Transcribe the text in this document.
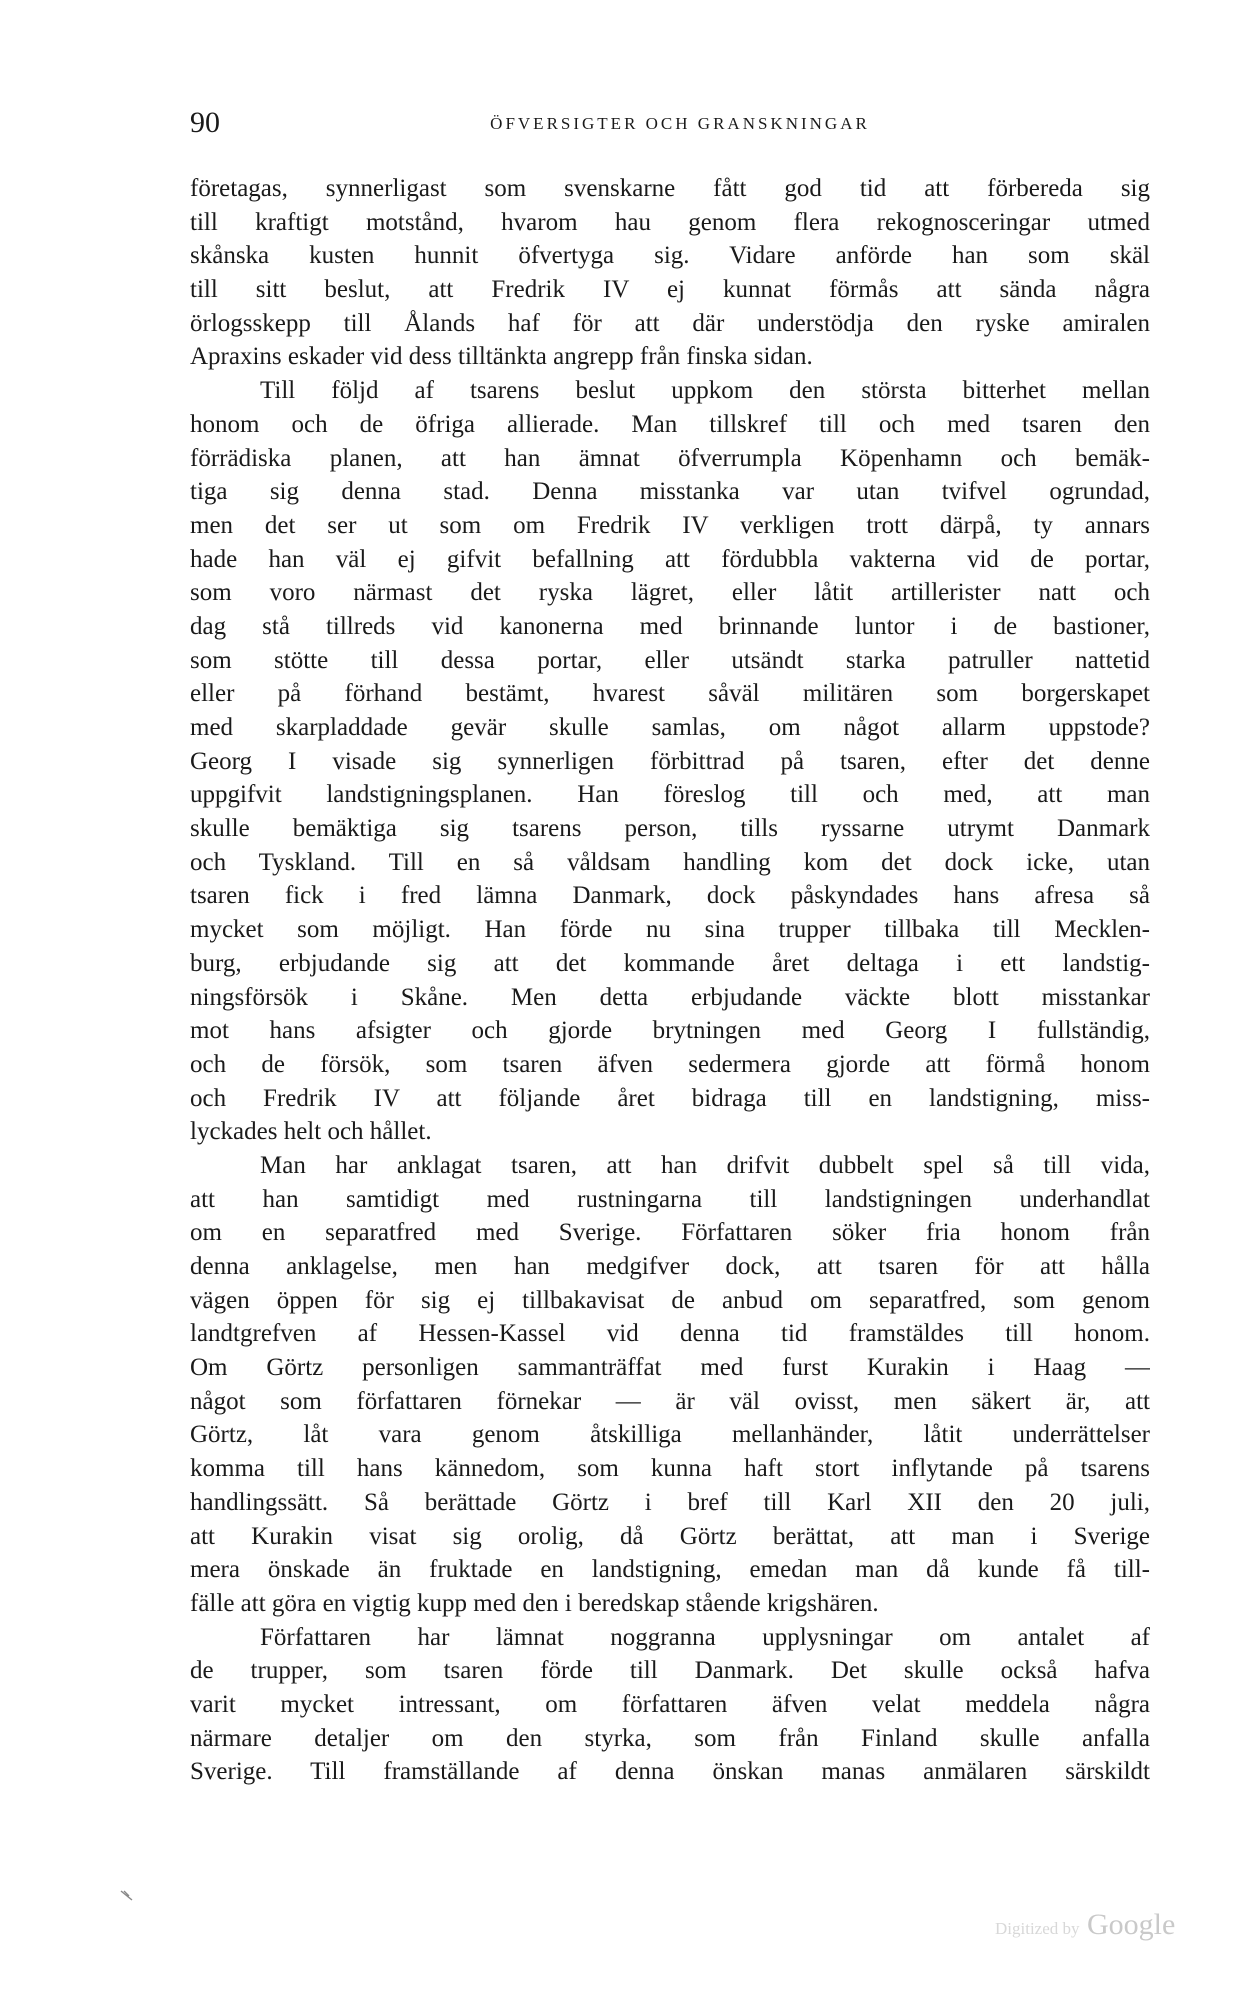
90	ÖFVERSIGTER OCH GRANSKNINGAR
företagas, synnerligast som svenskarne fått god tid att förbereda sig
till kraftigt motstånd, hvarom hau genom flera rekognosceringar utmed
skånska kusten hunnit öfvertyga sig. Vidare anförde han som skäl
till sitt beslut, att Fredrik IV ej kunnat förmås att sända några
örlogsskepp till Ålands haf för att där understödja den ryske amiralen
Apraxins eskader vid dess tilltänkta angrepp från finska sidan.
Till följd af tsarens beslut uppkom den största bitterhet mellan
honom och de öfriga allierade. Man tillskref till och med tsaren den
förrädiska planen, att han ämnat öfverrumpla Köpenhamn och bemäk-
tiga sig denna stad. Denna misstanka var utan tvifvel ogrundad,
men det ser ut som om Fredrik IV verkligen trott därpå, ty annars
hade han väl ej gifvit befallning att fördubbla vakterna vid de portar,
som voro närmast det ryska lägret, eller låtit artillerister natt och
dag stå tillreds vid kanonerna med brinnande luntor i de bastioner,
som stötte till dessa portar, eller utsändt starka patruller nattetid
eller på förhand bestämt, hvarest såväl militären som borgerskapet
med skarpladdade gevär skulle samlas, om något allarm uppstode?
Georg I visade sig synnerligen förbittrad på tsaren, efter det denne
uppgifvit landstigningsplanen. Han föreslog till och med, att man
skulle bemäktiga sig tsarens person, tills ryssarne utrymt Danmark
och Tyskland. Till en så våldsam handling kom det dock icke, utan
tsaren fick i fred lämna Danmark, dock påskyndades hans afresa så
mycket som möjligt. Han förde nu sina trupper tillbaka till Mecklen-
burg, erbjudande sig att det kommande året deltaga i ett landstig-
ningsförsök i Skåne. Men detta erbjudande väckte blott misstankar
mot hans afsigter och gjorde brytningen med Georg I fullständig,
och de försök, som tsaren äfven sedermera gjorde att förmå honom
och Fredrik IV att följande året bidraga till en landstigning, miss-
lyckades helt och hållet.
Man har anklagat tsaren, att han drifvit dubbelt spel så till vida,
att han samtidigt med rustningarna till landstigningen underhandlat
om en separatfred med Sverige. Författaren söker fria honom från
denna anklagelse, men han medgifver dock, att tsaren för att hålla
vägen öppen för sig ej tillbakavisat de anbud om separatfred, som genom
landtgrefven af Hessen-Kassel vid denna tid framstäldes till honom.
Om Görtz personligen sammanträffat med furst Kurakin i Haag —
något som författaren förnekar — är väl ovisst, men säkert är, att
Görtz, låt vara genom åtskilliga mellanhänder, låtit underrättelser
komma till hans kännedom, som kunna haft stort inflytande på tsarens
handlingssätt. Så berättade Görtz i bref till Karl XII den 20 juli,
att Kurakin visat sig orolig, då Görtz berättat, att man i Sverige
mera önskade än fruktade en landstigning, emedan man då kunde få till-
fälle att göra en vigtig kupp med den i beredskap stående krigshären.
Författaren har lämnat noggranna upplysningar om antalet af
de trupper, som tsaren förde till Danmark. Det skulle också hafva
varit mycket intressant, om författaren äfven velat meddela några
närmare detaljer om den styrka, som från Finland skulle anfalla
Sverige. Till framställande af denna önskan manas anmälaren särskildt
Digitized by Google
